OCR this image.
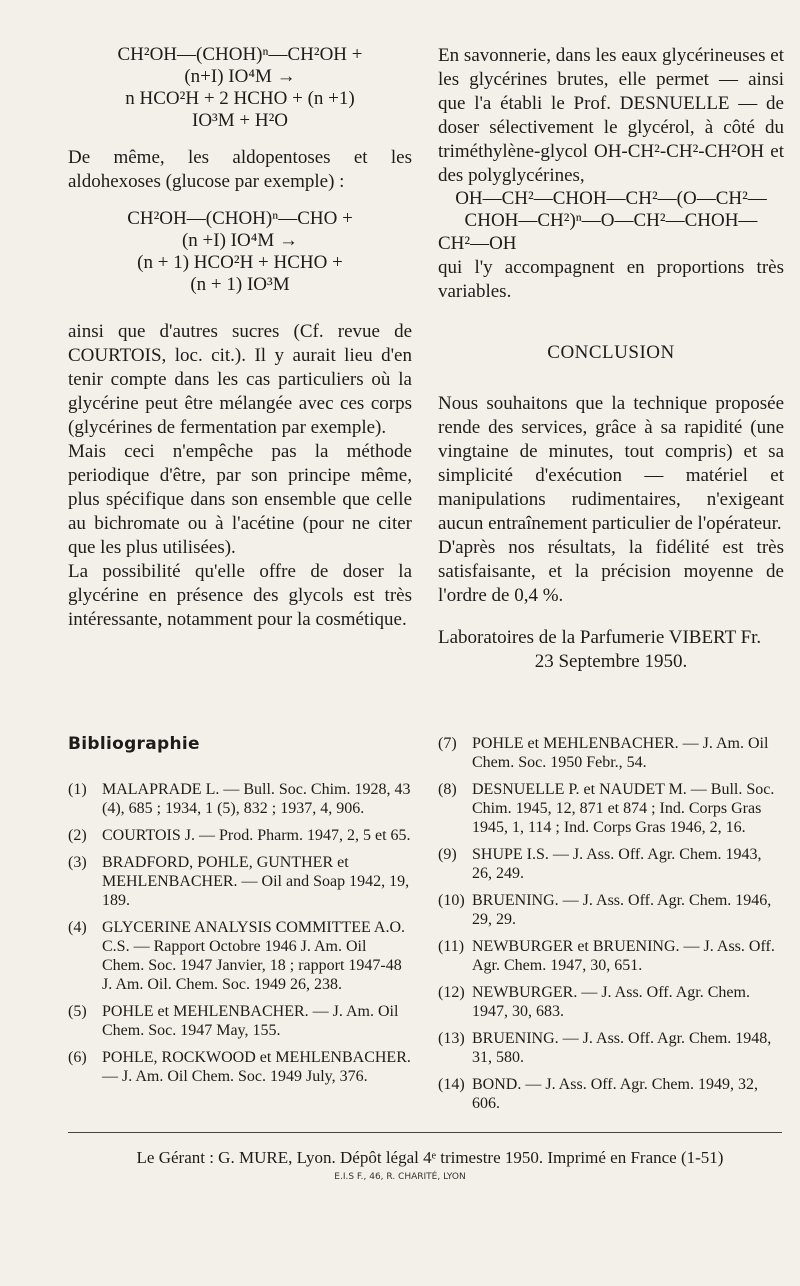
CH²OH—(CHOH)ⁿ—CH²OH +

(n+I) IO⁴M →

n HCO²H + 2 HCHO + (n +1)

IO³M + H²O

De même, les aldopentoses et les aldohexoses (glucose par exemple) :

CH²OH—(CHOH)ⁿ—CHO +

(n +I) IO⁴M →

(n + 1) HCO²H + HCHO +

(n + 1) IO³M

ainsi que d'autres sucres (Cf. revue de COURTOIS, loc. cit.). Il y aurait lieu d'en tenir compte dans les cas particuliers où la glycérine peut être mélangée avec ces corps (glycérines de fermentation par exemple).

Mais ceci n'empêche pas la méthode periodique d'être, par son principe même, plus spécifique dans son ensemble que celle au bichromate ou à l'acétine (pour ne citer que les plus utilisées).

La possibilité qu'elle offre de doser la glycérine en présence des glycols est très intéressante, notamment pour la cosmétique.

En savonnerie, dans les eaux glycérineuses et les glycérines brutes, elle permet — ainsi que l'a établi le Prof. DESNUELLE — de doser sélectivement le glycérol, à côté du triméthylène-glycol OH-CH²-CH²-CH²OH et des polyglycérines,

OH—CH²—CHOH—CH²—(O—CH²—

CHOH—CH²)ⁿ—O—CH²—CHOH—

CH²—OH

qui l'y accompagnent en proportions très variables.

CONCLUSION

Nous souhaitons que la technique proposée rende des services, grâce à sa rapidité (une vingtaine de minutes, tout compris) et sa simplicité d'exécution — matériel et manipulations rudimentaires, n'exigeant aucun entraînement particulier de l'opérateur.

D'après nos résultats, la fidélité est très satisfaisante, et la précision moyenne de l'ordre de 0,4 %.

Laboratoires de la Parfumerie VIBERT Fr.

23 Septembre 1950.

Bibliographie
(1) MALAPRADE L. — Bull. Soc. Chim. 1928, 43 (4), 685 ; 1934, 1 (5), 832 ; 1937, 4, 906.
(2) COURTOIS J. — Prod. Pharm. 1947, 2, 5 et 65.
(3) BRADFORD, POHLE, GUNTHER et MEHLENBACHER. — Oil and Soap 1942, 19, 189.
(4) GLYCERINE ANALYSIS COMMITTEE A.O. C.S. — Rapport Octobre 1946 J. Am. Oil Chem. Soc. 1947 Janvier, 18 ; rapport 1947-48 J. Am. Oil. Chem. Soc. 1949 26, 238.
(5) POHLE et MEHLENBACHER. — J. Am. Oil Chem. Soc. 1947 May, 155.
(6) POHLE, ROCKWOOD et MEHLENBACHER. — J. Am. Oil Chem. Soc. 1949 July, 376.
(7) POHLE et MEHLENBACHER. — J. Am. Oil Chem. Soc. 1950 Febr., 54.
(8) DESNUELLE P. et NAUDET M. — Bull. Soc. Chim. 1945, 12, 871 et 874 ; Ind. Corps Gras 1945, 1, 114 ; Ind. Corps Gras 1946, 2, 16.
(9) SHUPE I.S. — J. Ass. Off. Agr. Chem. 1943, 26, 249.
(10) BRUENING. — J. Ass. Off. Agr. Chem. 1946, 29, 29.
(11) NEWBURGER et BRUENING. — J. Ass. Off. Agr. Chem. 1947, 30, 651.
(12) NEWBURGER. — J. Ass. Off. Agr. Chem. 1947, 30, 683.
(13) BRUENING. — J. Ass. Off. Agr. Chem. 1948, 31, 580.
(14) BOND. — J. Ass. Off. Agr. Chem. 1949, 32, 606.
Le Gérant : G. MURE, Lyon. Dépôt légal 4ᵉ trimestre 1950. Imprimé en France (1-51)
E.I.S F., 46, R. CHARITÉ, LYON
